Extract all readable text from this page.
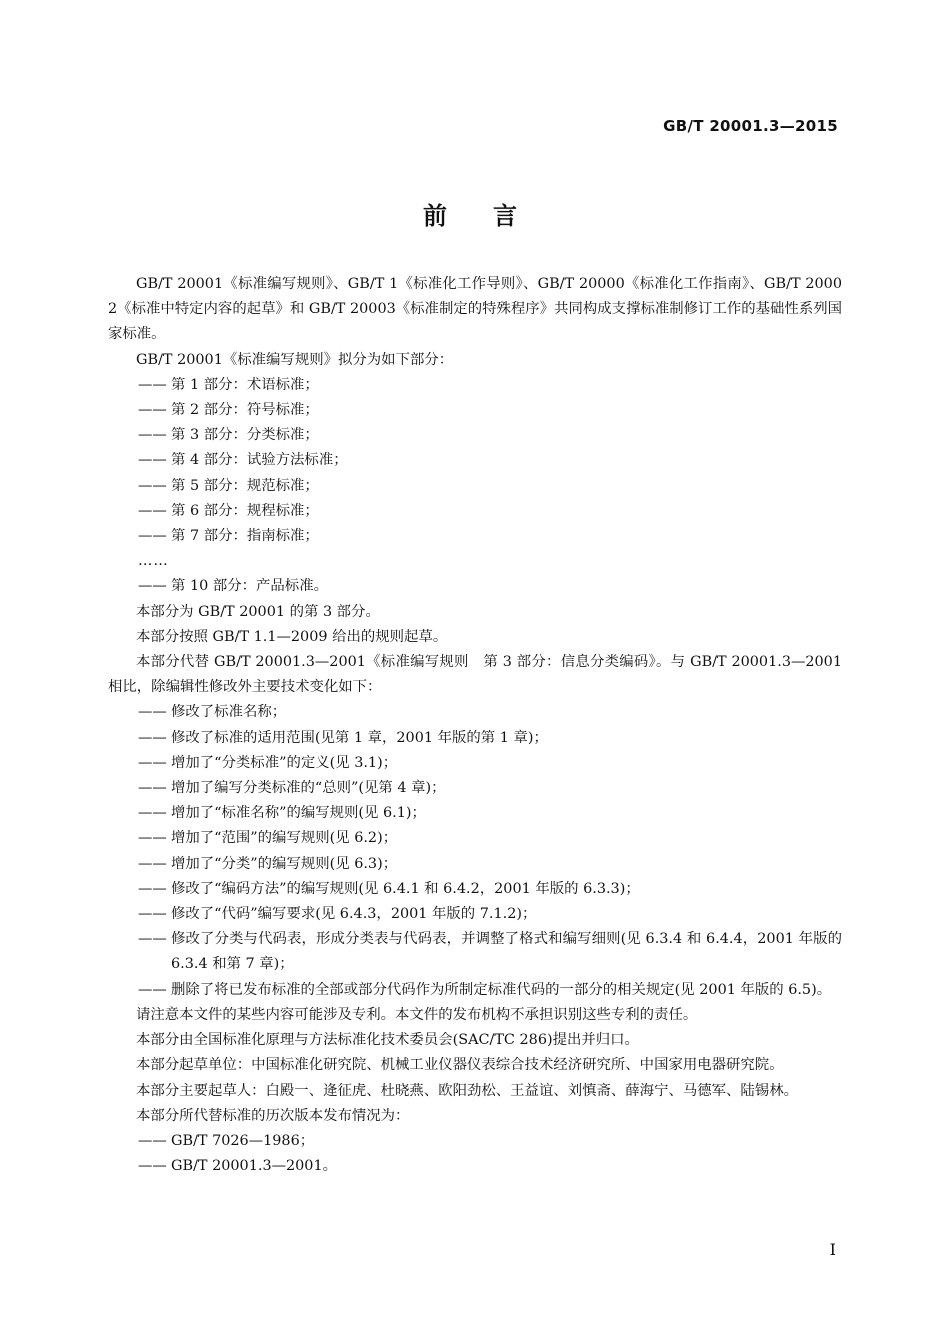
GB/T 20001.3—2015
前言

GB/T 20001《标准编写规则》、GB/T 1《标准化工作导则》、GB/T 20000《标准化工作指南》、GB/T 20002《标准中特定内容的起草》和 GB/T 20003《标准制定的特殊程序》共同构成支撑标准制修订工作的基础性系列国家标准。

GB/T 20001《标准编写规则》拟分为如下部分：

—— 第 1 部分：术语标准；

—— 第 2 部分：符号标准；

—— 第 3 部分：分类标准；

—— 第 4 部分：试验方法标准；

—— 第 5 部分：规范标准；

—— 第 6 部分：规程标准；

—— 第 7 部分：指南标准；

……

—— 第 10 部分：产品标准。

本部分为 GB/T 20001 的第 3 部分。

本部分按照 GB/T 1.1—2009 给出的规则起草。

本部分代替 GB/T 20001.3—2001《标准编写规则　第 3 部分：信息分类编码》。与 GB/T 20001.3—2001 相比，除编辑性修改外主要技术变化如下：

—— 修改了标准名称；

—— 修改了标准的适用范围(见第 1 章，2001 年版的第 1 章)；

—— 增加了“分类标准”的定义(见 3.1)；

—— 增加了编写分类标准的“总则”(见第 4 章)；

—— 增加了“标准名称”的编写规则(见 6.1)；

—— 增加了“范围”的编写规则(见 6.2)；

—— 增加了“分类”的编写规则(见 6.3)；

—— 修改了“编码方法”的编写规则(见 6.4.1 和 6.4.2，2001 年版的 6.3.3)；

—— 修改了“代码”编写要求(见 6.4.3，2001 年版的 7.1.2)；

—— 修改了分类与代码表，形成分类表与代码表，并调整了格式和编写细则(见 6.3.4 和 6.4.4，2001 年版的 6.3.4 和第 7 章)；

—— 删除了将已发布标准的全部或部分代码作为所制定标准代码的一部分的相关规定(见 2001 年版的 6.5)。

请注意本文件的某些内容可能涉及专利。本文件的发布机构不承担识别这些专利的责任。

本部分由全国标准化原理与方法标准化技术委员会(SAC/TC 286)提出并归口。

本部分起草单位：中国标准化研究院、机械工业仪器仪表综合技术经济研究所、中国家用电器研究院。

本部分主要起草人：白殿一、逄征虎、杜晓燕、欧阳劲松、王益谊、刘慎斋、薛海宁、马德军、陆锡林。

本部分所代替标准的历次版本发布情况为：

—— GB/T 7026—1986；

—— GB/T 20001.3—2001。

I
